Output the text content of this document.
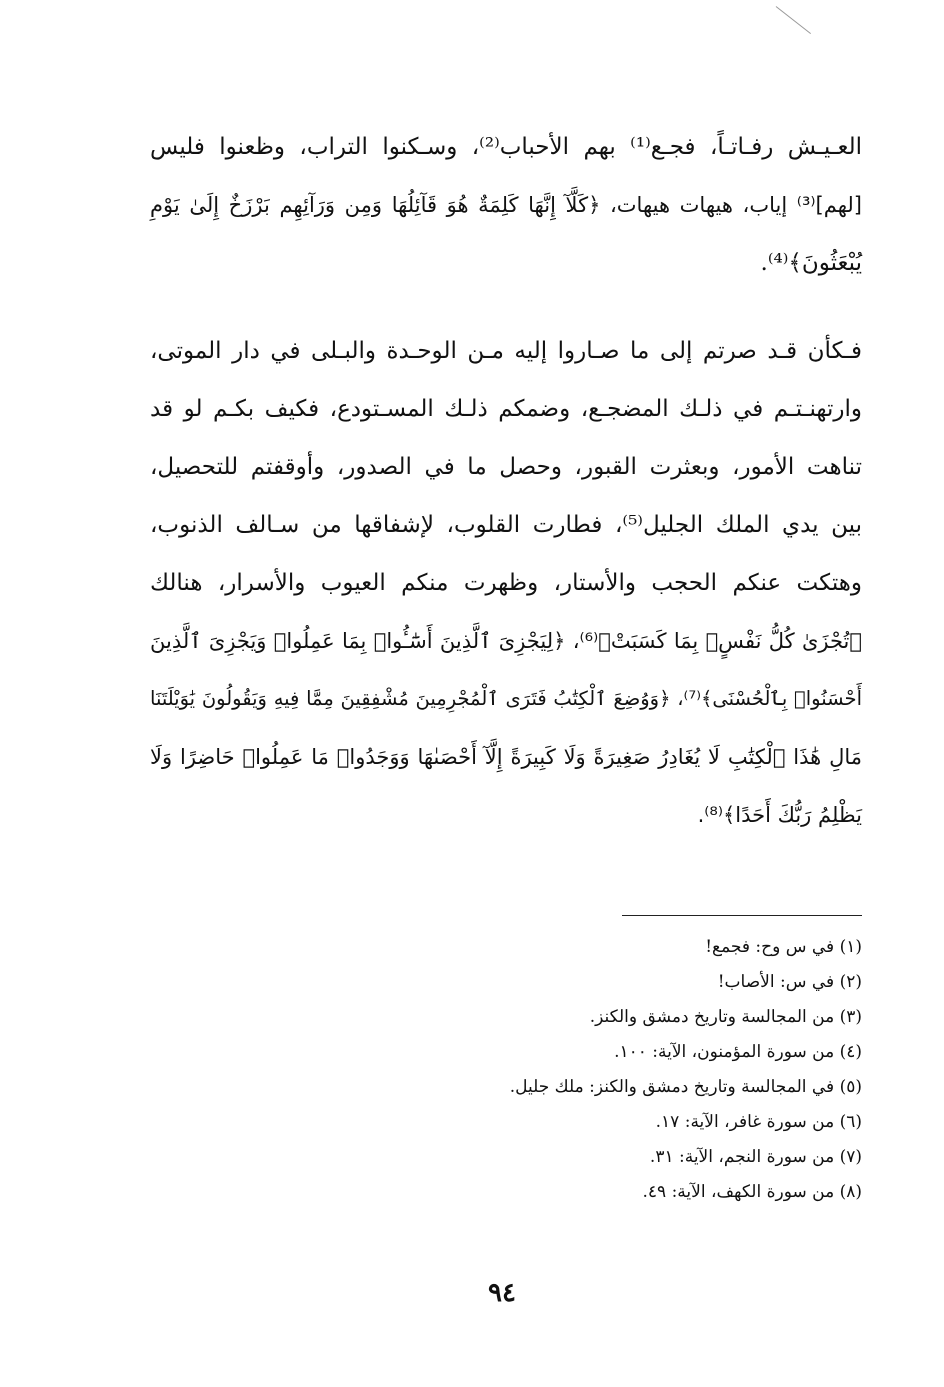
العـيـش رفـاتـاً، فجـع⁽¹⁾ بهم الأحباب⁽²⁾، وسـكنوا التراب، وظعنوا فليس
[لهم]⁽³⁾ إياب، هيهات هيهات، ﴿كَلَّآ إِنَّهَا كَلِمَةٌ هُوَ قَآئِلُهَا وَمِن وَرَآئِهِم بَرْزَخٌ إِلَىٰ يَوْمِ
يُبْعَثُونَ﴾⁽⁴⁾.

فـكأن قـد صرتم إلى ما صـاروا إليه مـن الوحـدة والبـلى في دار الموتى،
وارتهنـتـم في ذلـك المضجـع، وضمكم ذلـك المسـتودع، فكيف بكـم لو قد
تناهت الأمور، وبعثرت القبور، وحصل ما في الصدور، وأوقفتم للتحصيل،
بين يدي الملك الجليل⁽⁵⁾، فطارت القلوب، لإشفاقها من سـالف الذنوب،
وهتكت عنكم الحجب والأستار، وظهرت منكم العيوب والأسرار، هنالك
﴿تُجْزَىٰ كُلُّ نَفْسٍۭ بِمَا كَسَبَتْ﴾⁽⁶⁾، ﴿لِيَجْزِىَ ٱلَّذِينَ أَسَٰٓـُٔوا۟ بِمَا عَمِلُوا۟ وَيَجْزِىَ ٱلَّذِينَ
أَحْسَنُوا۟ بِٱلْحُسْنَى﴾⁽⁷⁾، ﴿وَوُضِعَ ٱلْكِتَٰبُ فَتَرَى ٱلْمُجْرِمِينَ مُشْفِقِينَ مِمَّا فِيهِ وَيَقُولُونَ يَٰوَيْلَتَنَا
مَالِ هَٰذَا ٱلْكِتَٰبِ لَا يُغَادِرُ صَغِيرَةً وَلَا كَبِيرَةً إِلَّآ أَحْصَىٰهَا وَوَجَدُوا۟ مَا عَمِلُوا۟ حَاضِرًا وَلَا
يَظْلِمُ رَبُّكَ أَحَدًا﴾⁽⁸⁾.

(١) في س وح: فجمع!
(٢) في س: الأصاب!
(٣) من المجالسة وتاريخ دمشق والكنز.
(٤) من سورة المؤمنون، الآية: ١٠٠.
(٥) في المجالسة وتاريخ دمشق والكنز: ملك جليل.
(٦) من سورة غافر، الآية: ١٧.
(٧) من سورة النجم، الآية: ٣١.
(٨) من سورة الكهف، الآية: ٤٩.
٩٤
